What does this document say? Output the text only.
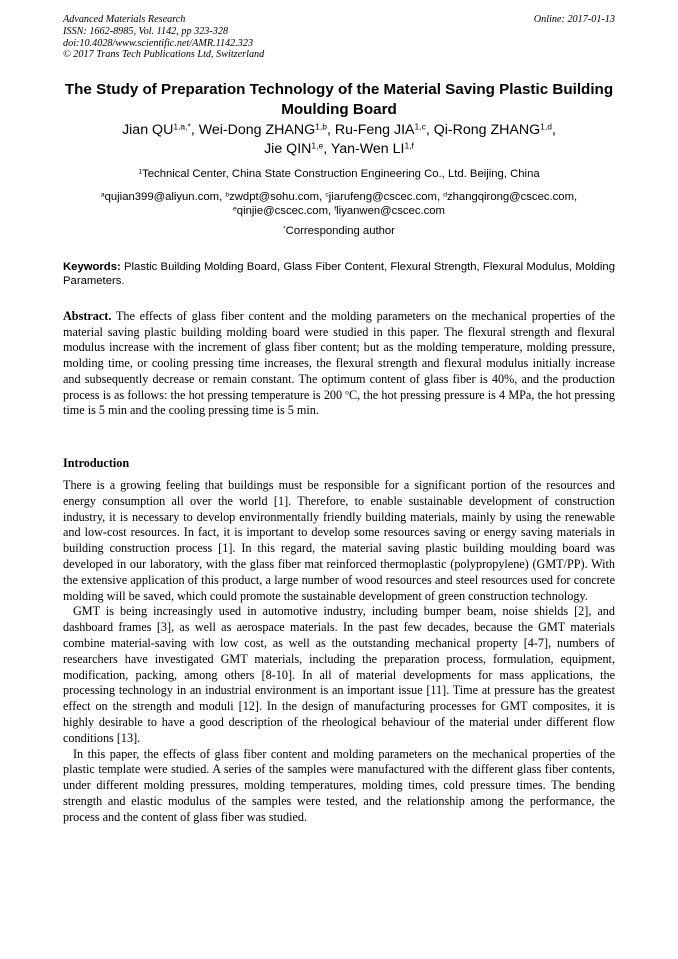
Advanced Materials Research
ISSN: 1662-8985, Vol. 1142, pp 323-328
doi:10.4028/www.scientific.net/AMR.1142.323
© 2017 Trans Tech Publications Ltd, Switzerland
Online: 2017-01-13
The Study of Preparation Technology of the Material Saving Plastic Building Moulding Board
Jian $QU^{1,a,*}$, Wei-Dong ZHANG$^{1,b}$, Ru-Feng JIA$^{1,c}$, Qi-Rong ZHANG$^{1,d}$,
Jie QIN$^{1,e}$, Yan-Wen LI$^{1,f}$
$^1$Technical Center, China State Construction Engineering Co., Ltd. Beijing, China
$^a$qujian399@aliyun.com, $^b$zwdpt@sohu.com, $^c$jiarufeng@cscec.com, $^d$zhangqirong@cscec.com,
$^e$qinjie@cscec.com, $^f$liyanwen@cscec.com
*Corresponding author
Keywords: Plastic Building Molding Board, Glass Fiber Content, Flexural Strength, Flexural Modulus, Molding Parameters.
Abstract. The effects of glass fiber content and the molding parameters on the mechanical properties of the material saving plastic building molding board were studied in this paper. The flexural strength and flexural modulus increase with the increment of glass fiber content; but as the molding temperature, molding pressure, molding time, or cooling pressing time increases, the flexural strength and flexural modulus initially increase and subsequently decrease or remain constant. The optimum content of glass fiber is 40%, and the production process is as follows: the hot pressing temperature is 200 $^o$C, the hot pressing pressure is 4 MPa, the hot pressing time is 5 min and the cooling pressing time is 5 min.
Introduction

There is a growing feeling that buildings must be responsible for a significant portion of the resources and energy consumption all over the world [1]. Therefore, to enable sustainable development of construction industry, it is necessary to develop environmentally friendly building materials, mainly by using the renewable and low-cost resources. In fact, it is important to develop some resources saving or energy saving materials in building construction process [1]. In this regard, the material saving plastic building moulding board was developed in our laboratory, with the glass fiber mat reinforced thermoplastic (polypropylene) (GMT/PP). With the extensive application of this product, a large number of wood resources and steel resources used for concrete molding will be saved, which could promote the sustainable development of green construction technology.

GMT is being increasingly used in automotive industry, including bumper beam, noise shields [2], and dashboard frames [3], as well as aerospace materials. In the past few decades, because the GMT materials combine material-saving with low cost, as well as the outstanding mechanical property [4-7], numbers of researchers have investigated GMT materials, including the preparation process, formulation, equipment, modification, packing, among others [8-10]. In all of material developments for mass applications, the processing technology in an industrial environment is an important issue [11]. Time at pressure has the greatest effect on the strength and moduli [12]. In the design of manufacturing processes for GMT composites, it is highly desirable to have a good description of the rheological behaviour of the material under different flow conditions [13].

In this paper, the effects of glass fiber content and molding parameters on the mechanical properties of the plastic template were studied. A series of the samples were manufactured with the different glass fiber contents, under different molding pressures, molding temperatures, molding times, cold pressure times. The bending strength and elastic modulus of the samples were tested, and the relationship among the performance, the process and the content of glass fiber was studied.
